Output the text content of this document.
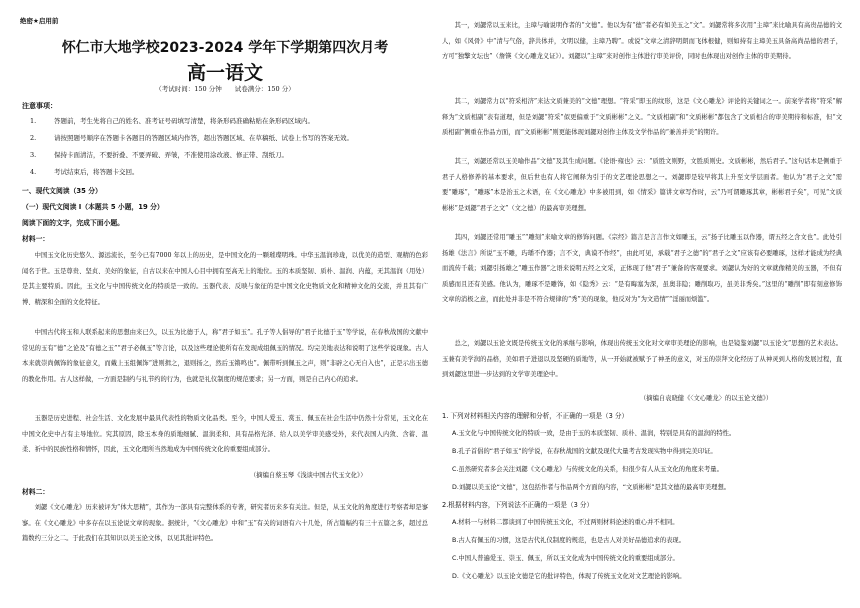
绝密★启用前
怀仁市大地学校2023-2024 学年下学期第四次月考
高一语文
（考试时间：150 分钟   试卷满分：150 分）
注意事项：
1.	答题前，考生先将自己的姓名、准考证号码填写清楚，将条形码准确粘贴在条形码区域内。
2.	请按照题号顺序在答题卡各题目的答题区域内作答，超出答题区域、在草稿纸、试卷上书写的答案无效。
3.	保持卡面清洁，不要折叠、不要弄破、弄皱，不准使用涂改液、修正带、刮纸刀。
4.	考试结束后，将答题卡交回。
一、现代文阅读（35 分）
（一）现代文阅读 I（本题共 5 小题，19 分）
阅读下面的文字，完成下面小题。
材料一：

中国玉文化历史悠久、源远流长，至今已有7000 年以上的历史，是中国文化的一颗璀璨明珠。中华玉温润珍珑，以优美的造型、观精的色彩闻名于世。玉是尊贵、坚贞、美好的象征，自古以来在中国人心目中拥有至高无上的地位。玉的本质坚韧、质朴、温润、内蕴，无其温润（用处）是其主要特质。因此，玉文化与中国传统文化的特质是一致的。玉器代表、反映与象征的是中国文化史物质文化和精神文化的交流，并且其有广博、精深和全面的文化特征。

中国古代将玉和人联系起来的思想由来已久，以玉为比德于人，称“君子如玉”。孔子等人倡导的“君子比德于玉”等学说，在春秋战国的文献中常见的玉有“德”之论及“有德之玉”“君子必佩玉”等言论，以及这些理论使所有在发现成组佩玉的情况。均完美地表达和说明了这些学说现象。古人本来就崇尚佩饰的象征意义，而戴上玉组佩饰“进则揖之，退则扬之，然后玉锵鸣也”。佩带听到佩玉之声，则“非辟之心无自入也”，正是示出玉德的教化作用。古人这样做，一方面是制约与礼节约的行为，也就是礼仪制度的规范要求；另一方面，则是自己内心的追求。

玉器是历史进程、社会生活、文化发展中最具代表性的物质文化品类。至今，中国人爱玉、赏玉、佩玉在社会生活中仍然十分常见，玉文化在中国文化史中占有主导地位。究其原因，除玉本身的质地细腻、温润柔和、具有品格光泽、给人以美学审美感受外，来代表国人内敛、含蓄、温柔、祈中的民族性格和情怀，因此，玉文化理所当然地成为中国传统文化的重要组成部分。

（摘编自蔡玉琴《浅谈中国古代玉文化》）
材料二：

刘勰《文心雕龙》历来被评为“体大思精”，其作为一部具有完整体系的专著，研究者历来多有关注。但是，从玉文化的角度进行考察者却是寥寥。在《文心雕龙》中多存在以玉论说文章的现象。据统计，“《文心雕龙》中和“玉”有关的词语有六十几处，所占篇幅约有三十五篇之多，超过总篇数约三分之二。于此我们在其知识以美玉论文体，以见其批评特色。

其一，刘勰常以玉来比，主璋与喻说明作者的“文德”。他以为有“德”者必有如美玉之“文”。刘勰常将多次用“主璋”来比喻具有高贵品德的文人，如《风骨》中“清与气俗，辞共体并，文明以健，主璋乃聘”。或说“文章之清辞明朗而飞体根健，则如持有主璋美玉具备高尚品德的君子，方可“独擎文坛也”（詹锳《文心雕龙义证》）。刘勰以“主璋”来对创作主体进行审美评价，同时也体现出对创作主体的审美期待。

其二，刘勰常力以“符采相济”来达文质兼美的“文德”理想。“符采”即玉的纹形，这是《文心雕龙》评论的关键词之一。前案学者将“符采”解释为“文质相副”表有道理，但是刘勰“符采”似更偏重于“文质彬彬”之义。“文质相副”和“文质彬彬”都包含了文质相合的审美期待和标准，但“文质相副”侧重在作品方面，而“文质彬彬”则更能体现刘勰对创作主体及文学作品的“兼善并美”的期许。

其三，刘勰还常以玉美喻作品“文德”及其生成问题。《论语·雍也》云：“质胜文则野，文胜质则史。文质彬彬，然后君子。”这句话本是侧重于君子人格修养的基本要求，但后世也有人将它阐释为引于的文艺理论思想之一。刘勰即是较早将其上升至文学层面者。他认为“君子之文”需要“雕琢”，“雕琢”本是治玉之术语，在《文心雕龙》中多被用到，如《情采》篇讲文章写作时，云“乃可谓雕琢其章，彬彬君子矣”，可见“文质彬彬”是刘勰“君子之文”（文之德）的最高审美理想。

其四，刘勰还常用“雕玉”“雕刻”来喻文章的修饰问题。《宗经》篇言是言言作文如雕玉，云“扬子比雕玉以作器，谓五经之含文也”。此处引扬雄《法言》所说“玉不雕，玙璠不作器；言不文，典谟不作经”，由此可见，承载“君子之德”的“君子之文”应该有必要雕琢，这样才能成为经典而流传千载；刘勰引扬雄之“雕玉作器”之语来说明五经之文采，正体现了他“君子”兼备的客观要求。刘勰认为好的文章就像精美的玉器，不但有质感而且还有美感。他认为，雕琢不是雕饰，如《隐秀》云：“是有晦塞为深，虽奥非隐；雕削取巧，虽美非秀矣。”这里的“雕削”即有刻意修饰文章的消极之意，而此处并非是不符合规律的“秀”美的现象，他反对为“为文造情”“淫丽而烦滥”。

总之，刘勰以玉论文既是传统玉文化的承继与影响，体现出传统玉文化对文章审美理论的影响，也是镜鉴刘勰“以玉论文”思想的艺术表达。玉兼有美学润的品格，美如君子进退以及坚硬的质地等，从一开始就被赋予了神圣的意义，对玉的崇拜文化经历了从神灵到人格的发展过程，直到刘勰这里进一步达到的文学审美理论中。

（摘编自袁晓健《〈文心雕龙〉的以玉论文德》）
1. 下列对材料相关内容的理解和分析，不正确的一项是（3 分）
A.玉文化与中国传统文化的特质一致，是由于玉的本质坚韧、质朴、温润，特别是具有的温润的特性。
B.孔子首倡的“君子如玉”的学说，在春秋战国的文献及现代大量考古发现实物中得到完美印证。
C.虽然研究者多会关注刘勰《文心雕龙》与传统文化的关系，但很少有人从玉文化的角度来考量。
D.刘勰以美玉论“文德”，这包括作者与作品两个方面的内容，“文质彬彬”是其文德的最高审美理想。
2.根据材料内容，下列说法不正确的一项是（3 分）
A.材料一与材料二都谈到了中国传统玉文化，不过两则材料论述的重心并不相同。
B.古人有佩玉的习惯，这是古代礼仪制度的规范，也是古人对美好品德追求的表现。
C.中国人普遍爱玉、崇玉、佩玉，所以玉文化成为中国传统文化的重要组成部分。
D.《文心雕龙》以玉论文德是它的批评特色，体现了传统玉文化对文艺理论的影响。
